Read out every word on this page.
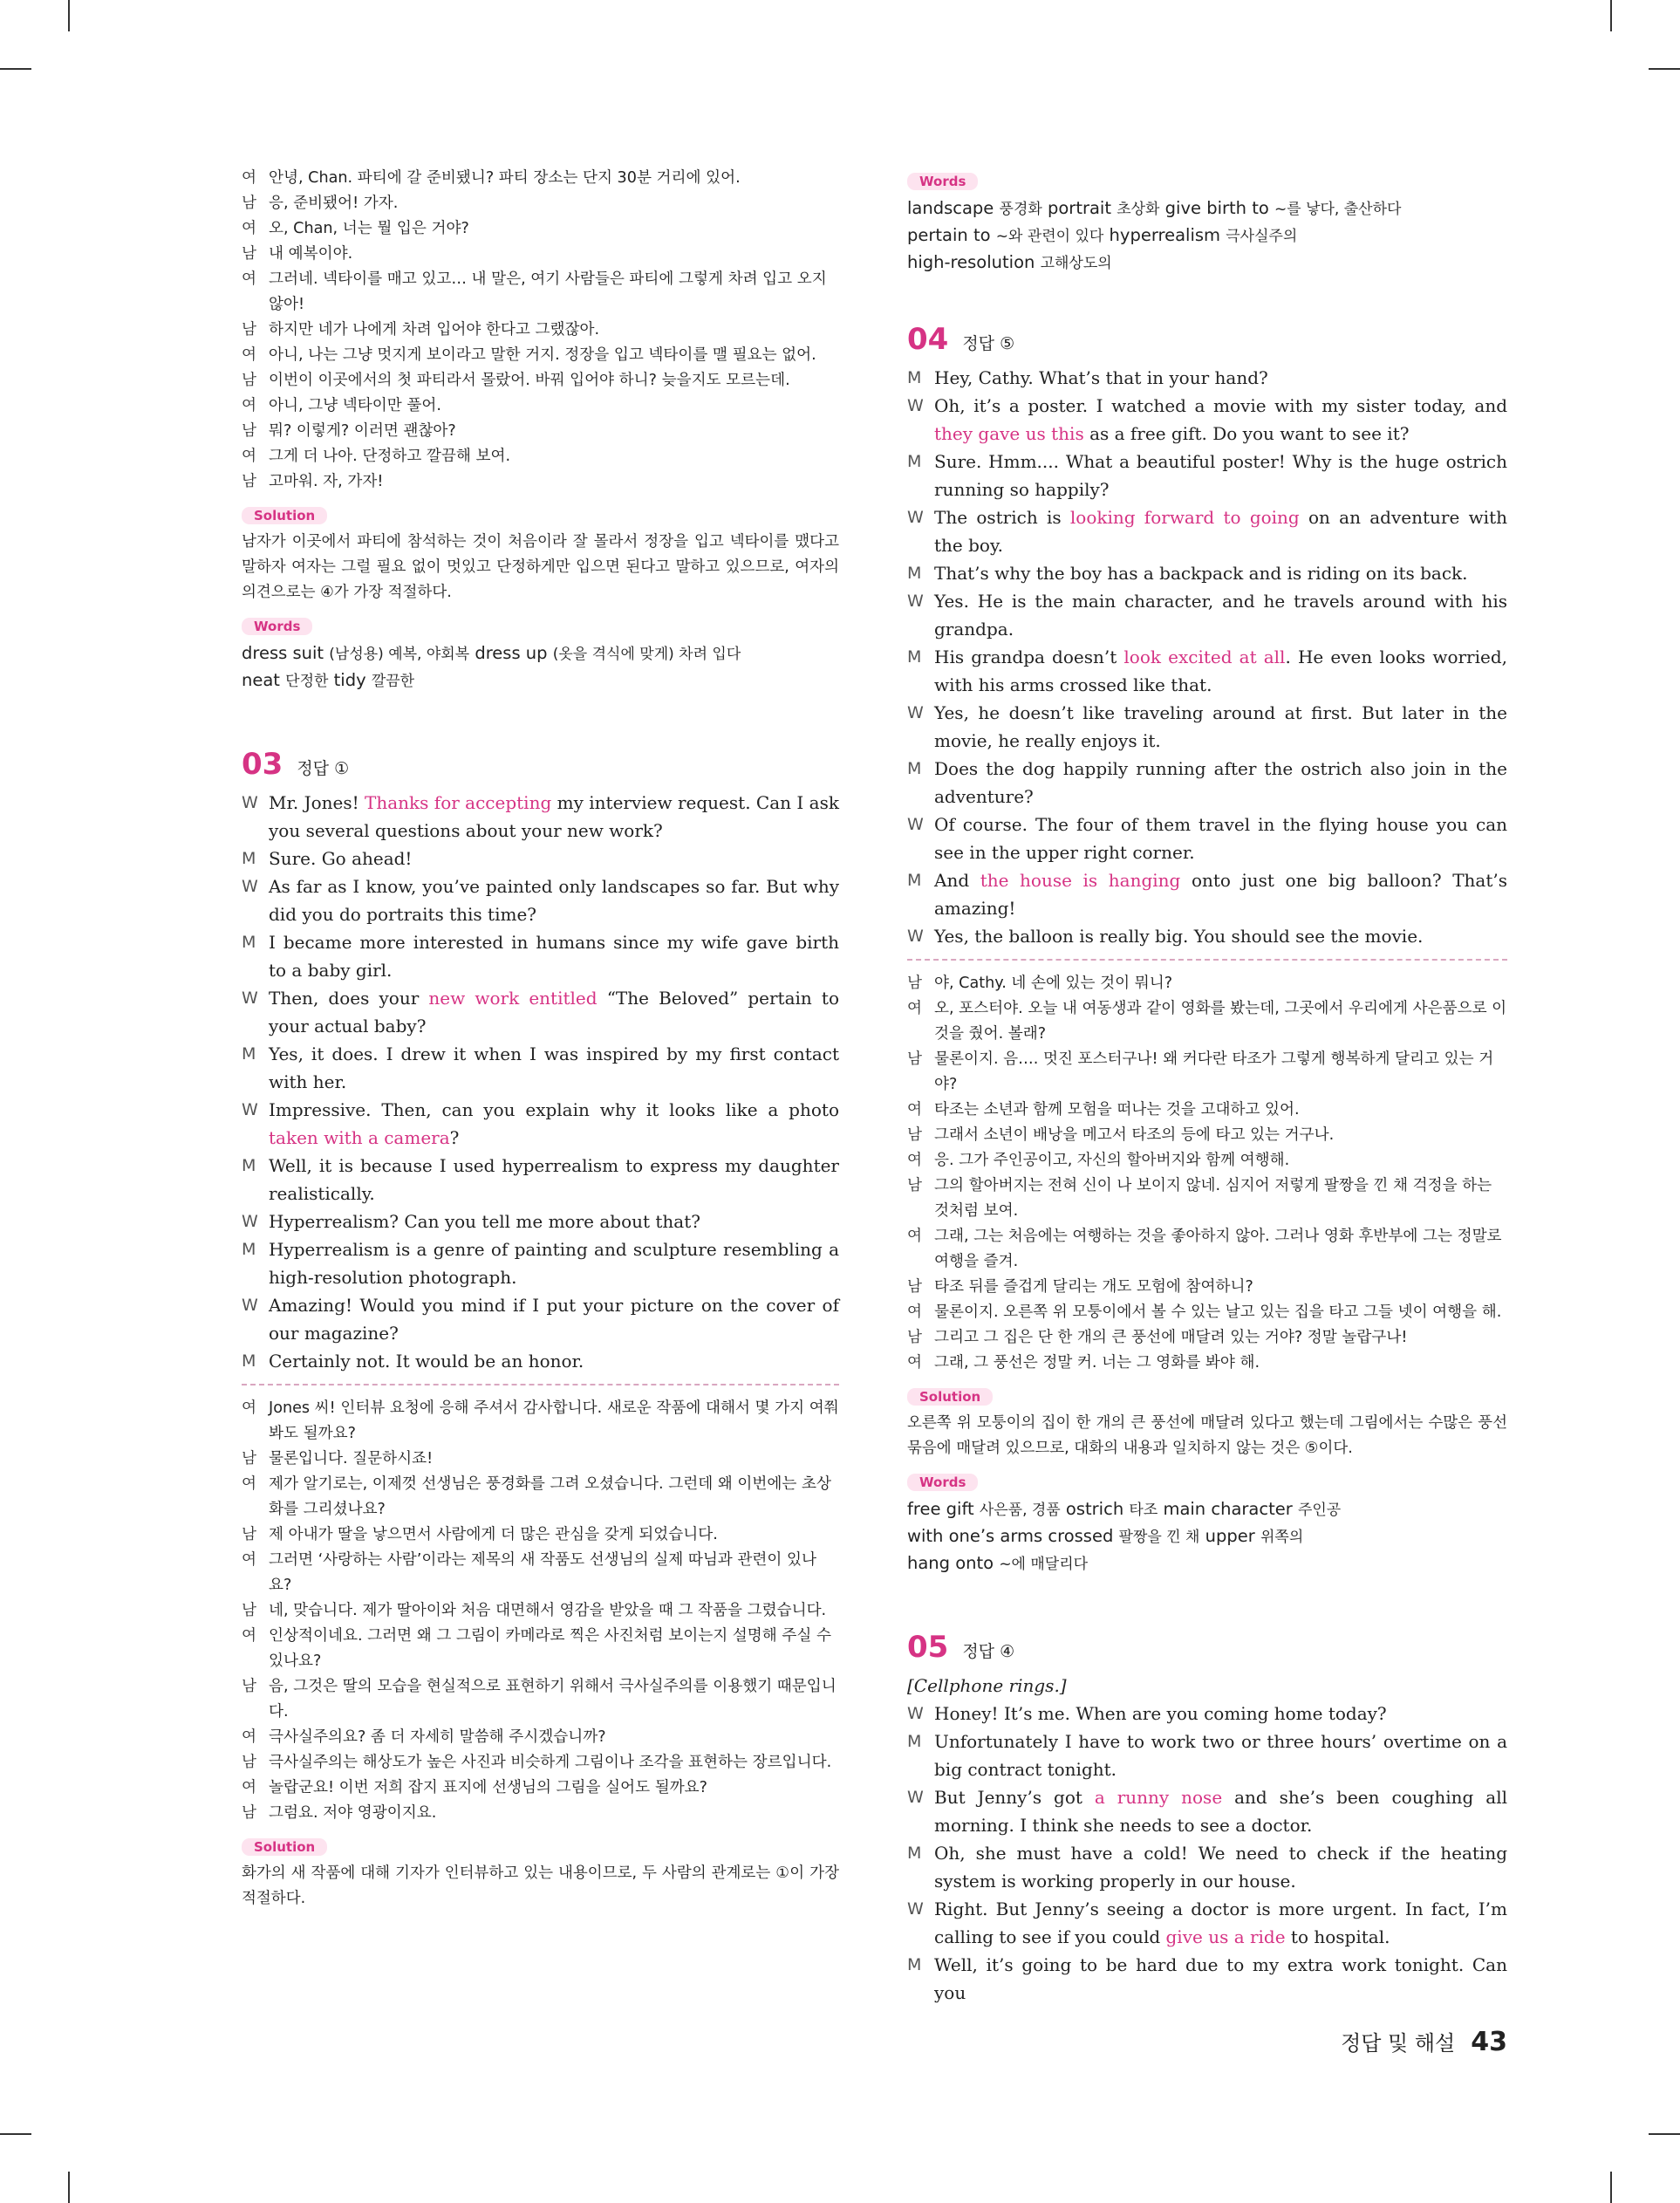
여 안녕, Chan. 파티에 갈 준비됐니? 파티 장소는 단지 30분 거리에 있어.
남 응, 준비됐어! 가자.
여 오, Chan, 너는 뭘 입은 거야?
남 내 예복이야.
여 그러네. 넥타이를 매고 있고… 내 말은, 여기 사람들은 파티에 그렇게 차려 입고 오지 않아!
남 하지만 네가 나에게 차려 입어야 한다고 그랬잖아.
여 아니, 나는 그냥 멋지게 보이라고 말한 거지. 정장을 입고 넥타이를 맬 필요는 없어.
남 이번이 이곳에서의 첫 파티라서 몰랐어. 바꿔 입어야 하니? 늦을지도 모르는데.
여 아니, 그냥 넥타이만 풀어.
남 뭐? 이렇게? 이러면 괜찮아?
여 그게 더 나아. 단정하고 깔끔해 보여.
남 고마워. 자, 가자!
Solution
남자가 이곳에서 파티에 참석하는 것이 처음이라 잘 몰라서 정장을 입고 넥타이를 맸다고 말하자 여자는 그럴 필요 없이 멋있고 단정하게만 입으면 된다고 말하고 있으므로, 여자의 의견으로는 ④가 가장 적절하다.
Words
dress suit (남성용) 예복, 야회복 dress up (옷을 격식에 맞게) 차려 입다
neat 단정한 tidy 깔끔한
03 정답 ①
W Mr. Jones! Thanks for accepting my interview request. Can I ask you several questions about your new work?
M Sure. Go ahead!
W As far as I know, you’ve painted only landscapes so far. But why did you do portraits this time?
M I became more interested in humans since my wife gave birth to a baby girl.
W Then, does your new work entitled “The Beloved” pertain to your actual baby?
M Yes, it does. I drew it when I was inspired by my first contact with her.
W Impressive. Then, can you explain why it looks like a photo taken with a camera?
M Well, it is because I used hyperrealism to express my daughter realistically.
W Hyperrealism? Can you tell me more about that?
M Hyperrealism is a genre of painting and sculpture resembling a high-resolution photograph.
W Amazing! Would you mind if I put your picture on the cover of our magazine?
M Certainly not. It would be an honor.
여 Jones 씨! 인터뷰 요청에 응해 주셔서 감사합니다. 새로운 작품에 대해서 몇 가지 여쭤 봐도 될까요?
남 물론입니다. 질문하시죠!
여 제가 알기로는, 이제껏 선생님은 풍경화를 그려 오셨습니다. 그런데 왜 이번에는 초상화를 그리셨나요?
남 제 아내가 딸을 낳으면서 사람에게 더 많은 관심을 갖게 되었습니다.
여 그러면 ‘사랑하는 사람’이라는 제목의 새 작품도 선생님의 실제 따님과 관련이 있나요?
남 네, 맞습니다. 제가 딸아이와 처음 대면해서 영감을 받았을 때 그 작품을 그렸습니다.
여 인상적이네요. 그러면 왜 그 그림이 카메라로 찍은 사진처럼 보이는지 설명해 주실 수 있나요?
남 음, 그것은 딸의 모습을 현실적으로 표현하기 위해서 극사실주의를 이용했기 때문입니다.
여 극사실주의요? 좀 더 자세히 말씀해 주시겠습니까?
남 극사실주의는 해상도가 높은 사진과 비슷하게 그림이나 조각을 표현하는 장르입니다.
여 놀랍군요! 이번 저희 잡지 표지에 선생님의 그림을 실어도 될까요?
남 그럼요. 저야 영광이지요.
Solution
화가의 새 작품에 대해 기자가 인터뷰하고 있는 내용이므로, 두 사람의 관계로는 ①이 가장 적절하다.
Words
landscape 풍경화 portrait 초상화 give birth to ~를 낳다, 출산하다
pertain to ~와 관련이 있다 hyperrealism 극사실주의
high-resolution 고해상도의
04 정답 ⑤
M Hey, Cathy. What’s that in your hand?
W Oh, it’s a poster. I watched a movie with my sister today, and they gave us this as a free gift. Do you want to see it?
M Sure. Hmm.... What a beautiful poster! Why is the huge ostrich running so happily?
W The ostrich is looking forward to going on an adventure with the boy.
M That’s why the boy has a backpack and is riding on its back.
W Yes. He is the main character, and he travels around with his grandpa.
M His grandpa doesn’t look excited at all. He even looks worried, with his arms crossed like that.
W Yes, he doesn’t like traveling around at first. But later in the movie, he really enjoys it.
M Does the dog happily running after the ostrich also join in the adventure?
W Of course. The four of them travel in the flying house you can see in the upper right corner.
M And the house is hanging onto just one big balloon? That’s amazing!
W Yes, the balloon is really big. You should see the movie.
남 야, Cathy. 네 손에 있는 것이 뭐니?
여 오, 포스터야. 오늘 내 여동생과 같이 영화를 봤는데, 그곳에서 우리에게 사은품으로 이것을 줬어. 볼래?
남 물론이지. 음…. 멋진 포스터구나! 왜 커다란 타조가 그렇게 행복하게 달리고 있는 거야?
여 타조는 소년과 함께 모험을 떠나는 것을 고대하고 있어.
남 그래서 소년이 배낭을 메고서 타조의 등에 타고 있는 거구나.
여 응. 그가 주인공이고, 자신의 할아버지와 함께 여행해.
남 그의 할아버지는 전혀 신이 나 보이지 않네. 심지어 저렇게 팔짱을 낀 채 걱정을 하는 것처럼 보여.
여 그래, 그는 처음에는 여행하는 것을 좋아하지 않아. 그러나 영화 후반부에 그는 정말로 여행을 즐겨.
남 타조 뒤를 즐겁게 달리는 개도 모험에 참여하니?
여 물론이지. 오른쪽 위 모퉁이에서 볼 수 있는 날고 있는 집을 타고 그들 넷이 여행을 해.
남 그리고 그 집은 단 한 개의 큰 풍선에 매달려 있는 거야? 정말 놀랍구나!
여 그래, 그 풍선은 정말 커. 너는 그 영화를 봐야 해.
Solution
오른쪽 위 모퉁이의 집이 한 개의 큰 풍선에 매달려 있다고 했는데 그림에서는 수많은 풍선 묶음에 매달려 있으므로, 대화의 내용과 일치하지 않는 것은 ⑤이다.
Words
free gift 사은품, 경품 ostrich 타조 main character 주인공
with one’s arms crossed 팔짱을 낀 채 upper 위쪽의
hang onto ~에 매달리다
05 정답 ④
[Cellphone rings.]
W Honey! It’s me. When are you coming home today?
M Unfortunately I have to work two or three hours’ overtime on a big contract tonight.
W But Jenny’s got a runny nose and she’s been coughing all morning. I think she needs to see a doctor.
M Oh, she must have a cold! We need to check if the heating system is working properly in our house.
W Right. But Jenny’s seeing a doctor is more urgent. In fact, I’m calling to see if you could give us a ride to hospital.
M Well, it’s going to be hard due to my extra work tonight. Can you
정답 및 해설 43
